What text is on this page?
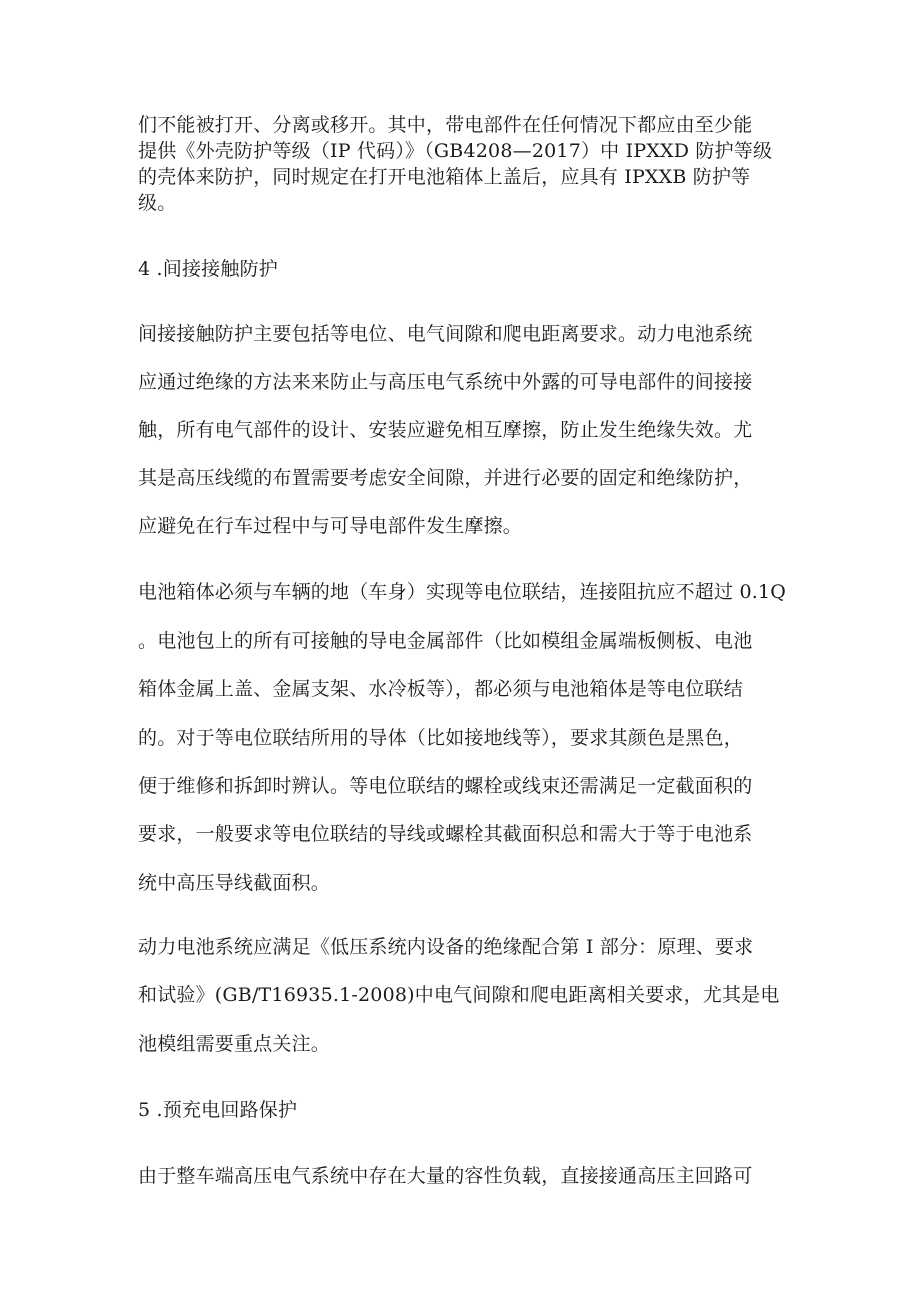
们不能被打开、分离或移开。其中，带电部件在任何情况下都应由至少能
提供《外壳防护等级（IP 代码）》（GB4208—2017）中 IPXXD 防护等级
的壳体来防护，同时规定在打开电池箱体上盖后，应具有 IPXXB 防护等
级。
4 .间接接触防护
间接接触防护主要包括等电位、电气间隙和爬电距离要求。动力电池系统
应通过绝缘的方法来来防止与高压电气系统中外露的可导电部件的间接接
触，所有电气部件的设计、安装应避免相互摩擦，防止发生绝缘失效。尤
其是高压线缆的布置需要考虑安全间隙，并进行必要的固定和绝缘防护，
应避免在行车过程中与可导电部件发生摩擦。
电池箱体必须与车辆的地（车身）实现等电位联结，连接阻抗应不超过 0.1Q
。电池包上的所有可接触的导电金属部件（比如模组金属端板侧板、电池
箱体金属上盖、金属支架、水冷板等），都必须与电池箱体是等电位联结
的。对于等电位联结所用的导体（比如接地线等），要求其颜色是黑色，
便于维修和拆卸时辨认。等电位联结的螺栓或线束还需满足一定截面积的
要求，一般要求等电位联结的导线或螺栓其截面积总和需大于等于电池系
统中高压导线截面积。
动力电池系统应满足《低压系统内设备的绝缘配合第 I 部分：原理、要求
和试验》(GB/T16935.1-2008)中电气间隙和爬电距离相关要求，尤其是电
池模组需要重点关注。
5 .预充电回路保护
由于整车端高压电气系统中存在大量的容性负载，直接接通高压主回路可
